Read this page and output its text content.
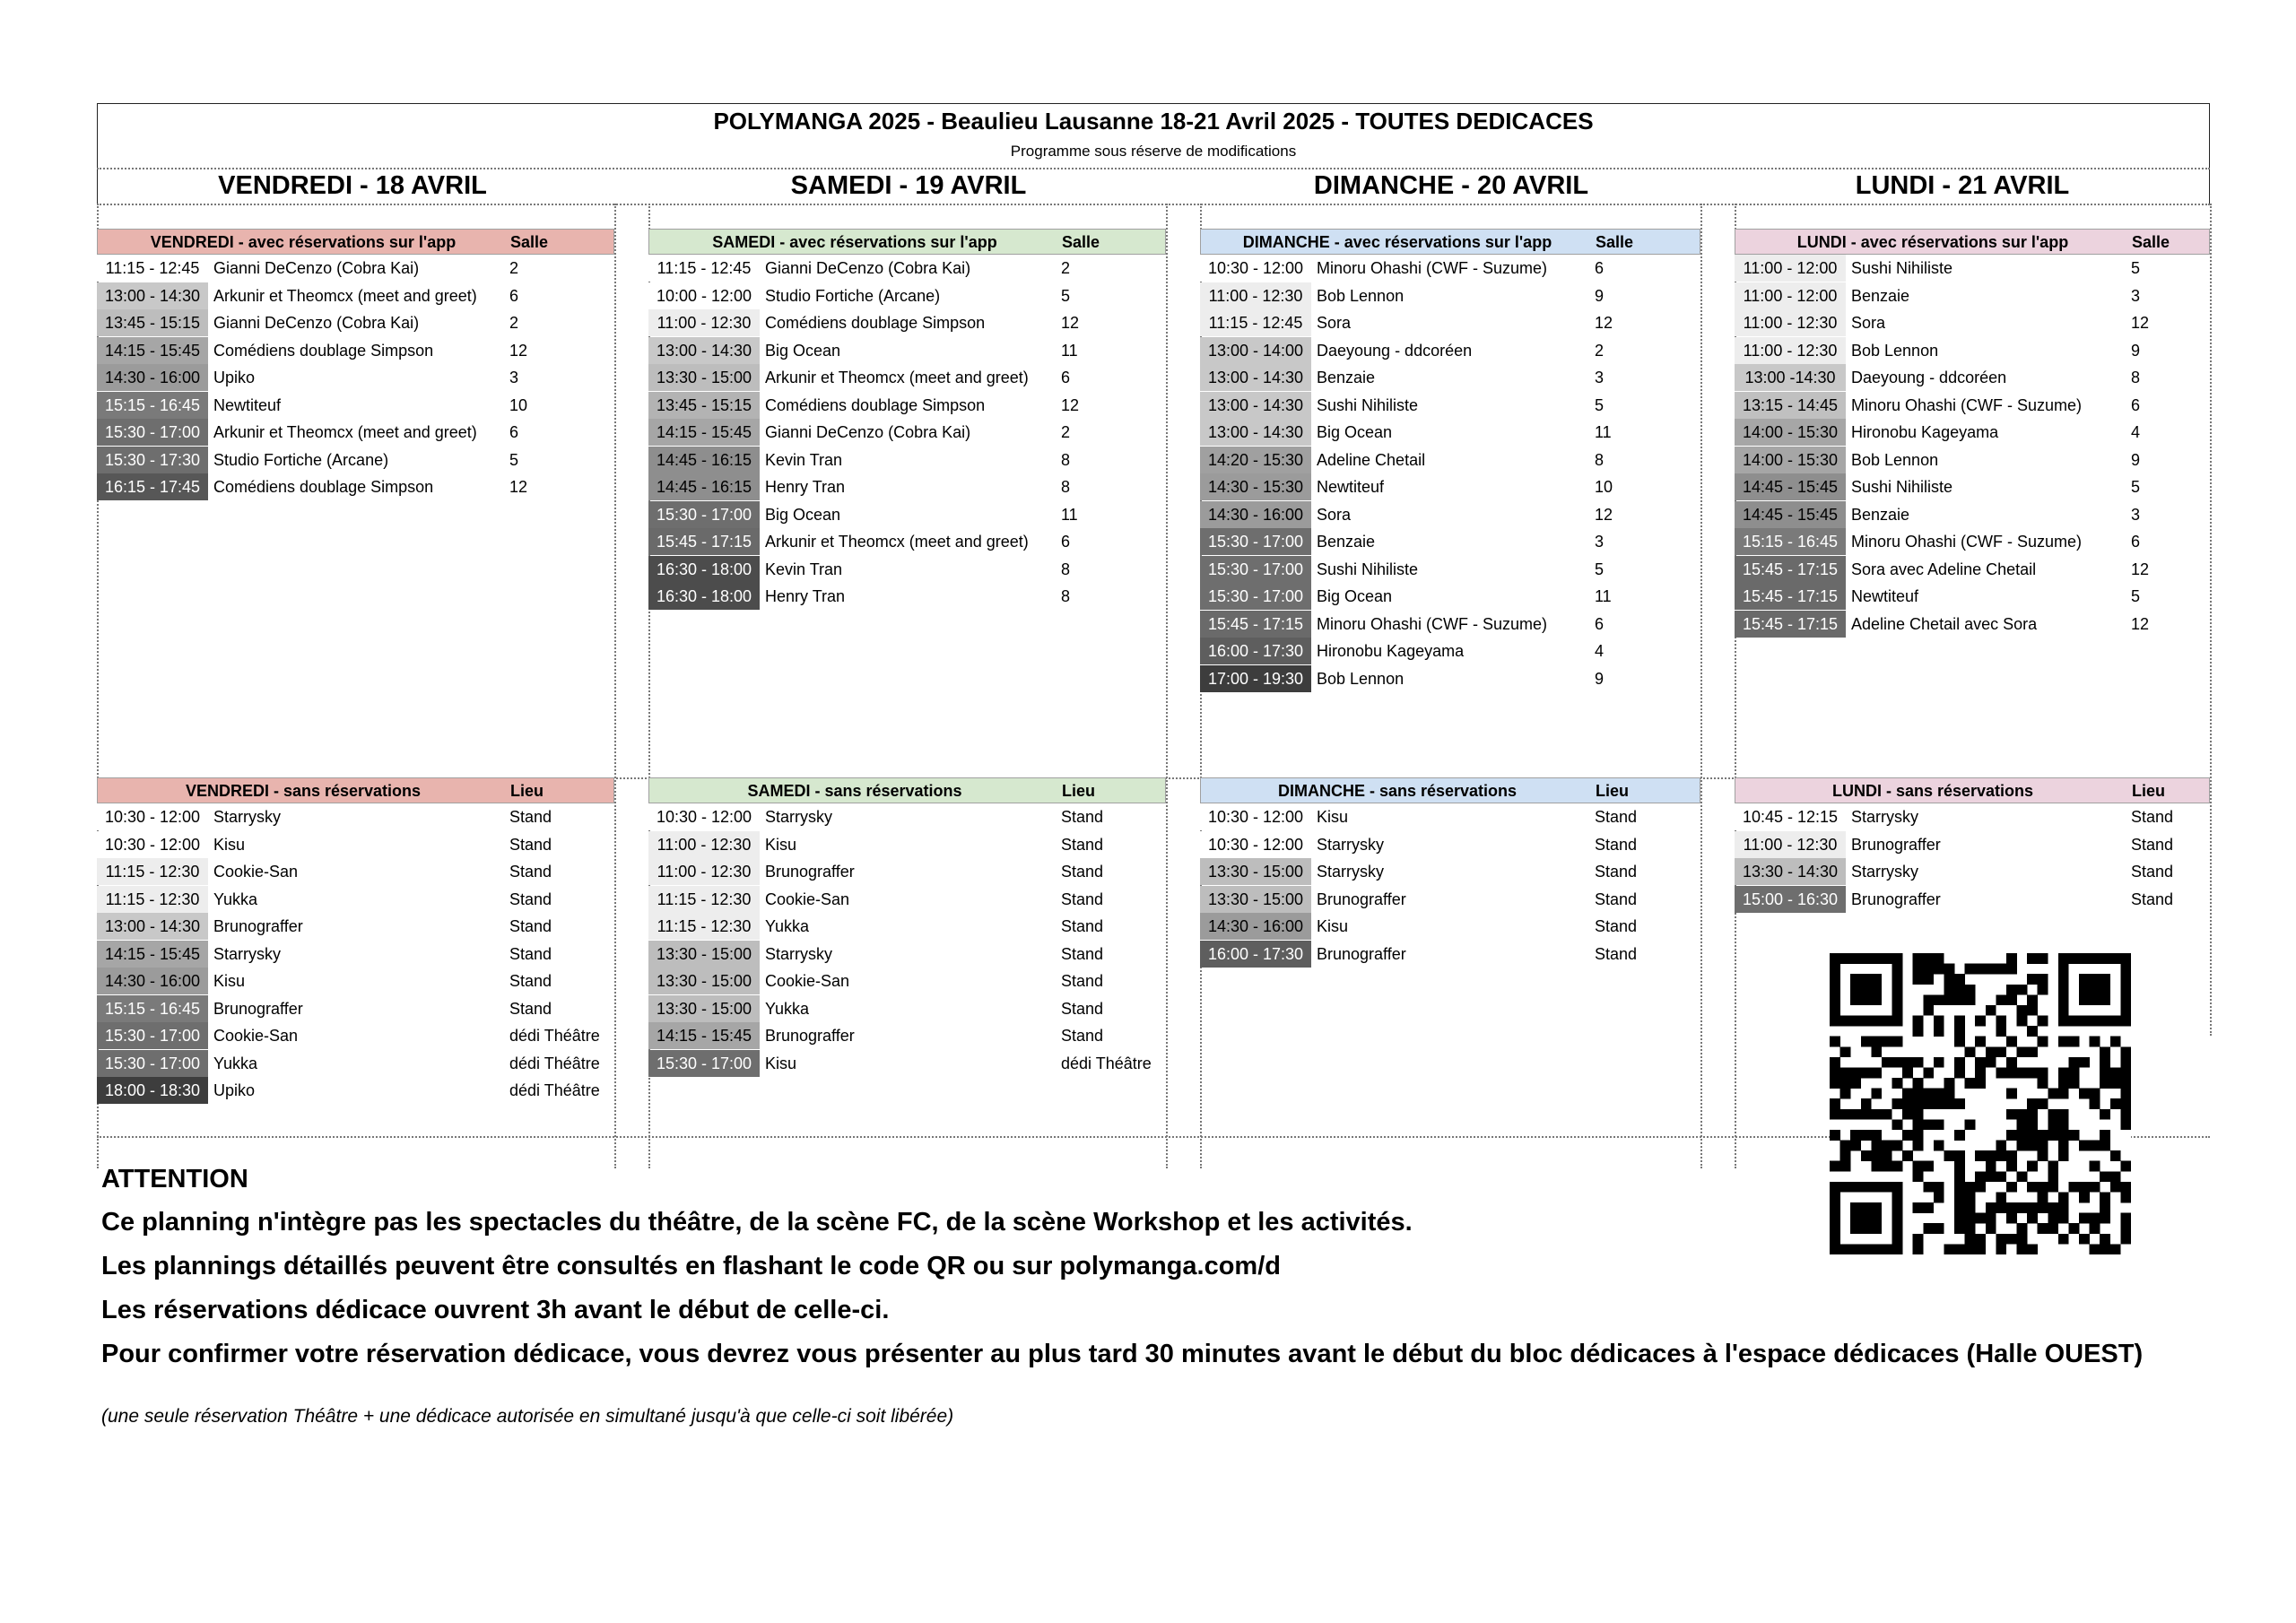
POLYMANGA 2025 - Beaulieu Lausanne 18-21 Avril 2025 - TOUTES DEDICACES
Programme sous réserve de modifications
VENDREDI - 18 AVRIL
VENDREDI - avec réservations sur l'app	Salle
11:15 - 12:45 Gianni DeCenzo (Cobra Kai)	2
13:00 - 14:30 Arkunir et Theomcx (meet and greet) 6
13:45 - 15:15 Gianni DeCenzo (Cobra Kai)	2
14:15 - 15:45 Comédiens doublage Simpson	12
14:30 - 16:00 Upiko	3
15:15 - 16:45 Newtiteuf	10
15:30 - 17:00 Arkunir et Theomcx (meet and greet) 6
15:30 - 17:30 Studio Fortiche (Arcane)	5
16:15 - 17:45 Comédiens doublage Simpson	12
VENDREDI - sans réservations	Lieu
10:30 - 12:00 Starrysky	Stand
10:30 - 12:00 Kisu	Stand
11:15 - 12:30 Cookie-San	Stand
11:15 - 12:30 Yukka	Stand
13:00 - 14:30 Brunograffer	Stand
14:15 - 15:45 Starrysky	Stand
14:30 - 16:00 Kisu	Stand
15:15 - 16:45 Brunograffer	Stand
15:30 - 17:00 Cookie-San	dédi Théâtre
15:30 - 17:00 Yukka	dédi Théâtre
18:00 - 18:30 Upiko	dédi Théâtre
SAMEDI - 19 AVRIL
SAMEDI - avec réservations sur l'app	Salle
11:15 - 12:45 Gianni DeCenzo (Cobra Kai)	2
10:00 - 12:00 Studio Fortiche (Arcane)	5
11:00 - 12:30 Comédiens doublage Simpson	12
13:00 - 14:30 Big Ocean	11
13:30 - 15:00 Arkunir et Theomcx (meet and greet) 6
13:45 - 15:15 Comédiens doublage Simpson	12
14:15 - 15:45 Gianni DeCenzo (Cobra Kai)	2
14:45 - 16:15 Kevin Tran	8
14:45 - 16:15 Henry Tran	8
15:30 - 17:00 Big Ocean	11
15:45 - 17:15 Arkunir et Theomcx (meet and greet) 6
16:30 - 18:00 Kevin Tran	8
16:30 - 18:00 Henry Tran	8
SAMEDI - sans réservations	Lieu
10:30 - 12:00 Starrysky	Stand
11:00 - 12:30 Kisu	Stand
11:00 - 12:30 Brunograffer	Stand
11:15 - 12:30 Cookie-San	Stand
11:15 - 12:30 Yukka	Stand
13:30 - 15:00 Starrysky	Stand
13:30 - 15:00 Cookie-San	Stand
13:30 - 15:00 Yukka	Stand
14:15 - 15:45 Brunograffer	Stand
15:30 - 17:00 Kisu	dédi Théâtre
DIMANCHE - 20 AVRIL
DIMANCHE - avec réservations sur l'app	Salle
10:30 - 12:00 Minoru Ohashi (CWF - Suzume)	6
11:00 - 12:30 Bob Lennon	9
11:15 - 12:45 Sora	12
13:00 - 14:00 Daeyoung - ddcoréen	2
13:00 - 14:30 Benzaie	3
13:00 - 14:30 Sushi Nihiliste	5
13:00 - 14:30 Big Ocean	11
14:20 - 15:30 Adeline Chetail	8
14:30 - 15:30 Newtiteuf	10
14:30 - 16:00 Sora	12
15:30 - 17:00 Benzaie	3
15:30 - 17:00 Sushi Nihiliste	5
15:30 - 17:00 Big Ocean	11
15:45 - 17:15 Minoru Ohashi (CWF - Suzume)	6
16:00 - 17:30 Hironobu Kageyama	4
17:00 - 19:30 Bob Lennon	9
DIMANCHE - sans réservations	Lieu
10:30 - 12:00 Kisu	Stand
10:30 - 12:00 Starrysky	Stand
13:30 - 15:00 Starrysky	Stand
13:30 - 15:00 Brunograffer	Stand
14:30 - 16:00 Kisu	Stand
16:00 - 17:30 Brunograffer	Stand
LUNDI - 21 AVRIL
LUNDI - avec réservations sur l'app	Salle
11:00 - 12:00 Sushi Nihiliste	5
11:00 - 12:00 Benzaie	3
11:00 - 12:30 Sora	12
11:00 - 12:30 Bob Lennon	9
13:00 -14:30 Daeyoung - ddcoréen	8
13:15 - 14:45 Minoru Ohashi (CWF - Suzume)	6
14:00 - 15:30 Hironobu Kageyama	4
14:00 - 15:30 Bob Lennon	9
14:45 - 15:45 Sushi Nihiliste	5
14:45 - 15:45 Benzaie	3
15:15 - 16:45 Minoru Ohashi (CWF - Suzume)	6
15:45 - 17:15 Sora avec Adeline Chetail	12
15:45 - 17:15 Newtiteuf	5
15:45 - 17:15 Adeline Chetail avec Sora	12
LUNDI - sans réservations	Lieu
10:45 - 12:15 Starrysky	Stand
11:00 - 12:30 Brunograffer	Stand
13:30 - 14:30 Starrysky	Stand
15:00 - 16:30 Brunograffer	Stand
ATTENTION
Ce planning n'intègre pas les spectacles du théâtre, de la scène FC, de la scène Workshop et les activités.
Les plannings détaillés peuvent être consultés en flashant le code QR ou sur polymanga.com/d
Les réservations dédicace ouvrent 3h avant le début de celle-ci.
Pour confirmer votre réservation dédicace, vous devrez vous présenter au plus tard 30 minutes avant le début du bloc dédicaces à l'espace dédicaces (Halle OUEST)
(une seule réservation Théâtre + une dédicace autorisée en simultané jusqu'à que celle-ci soit libérée)
